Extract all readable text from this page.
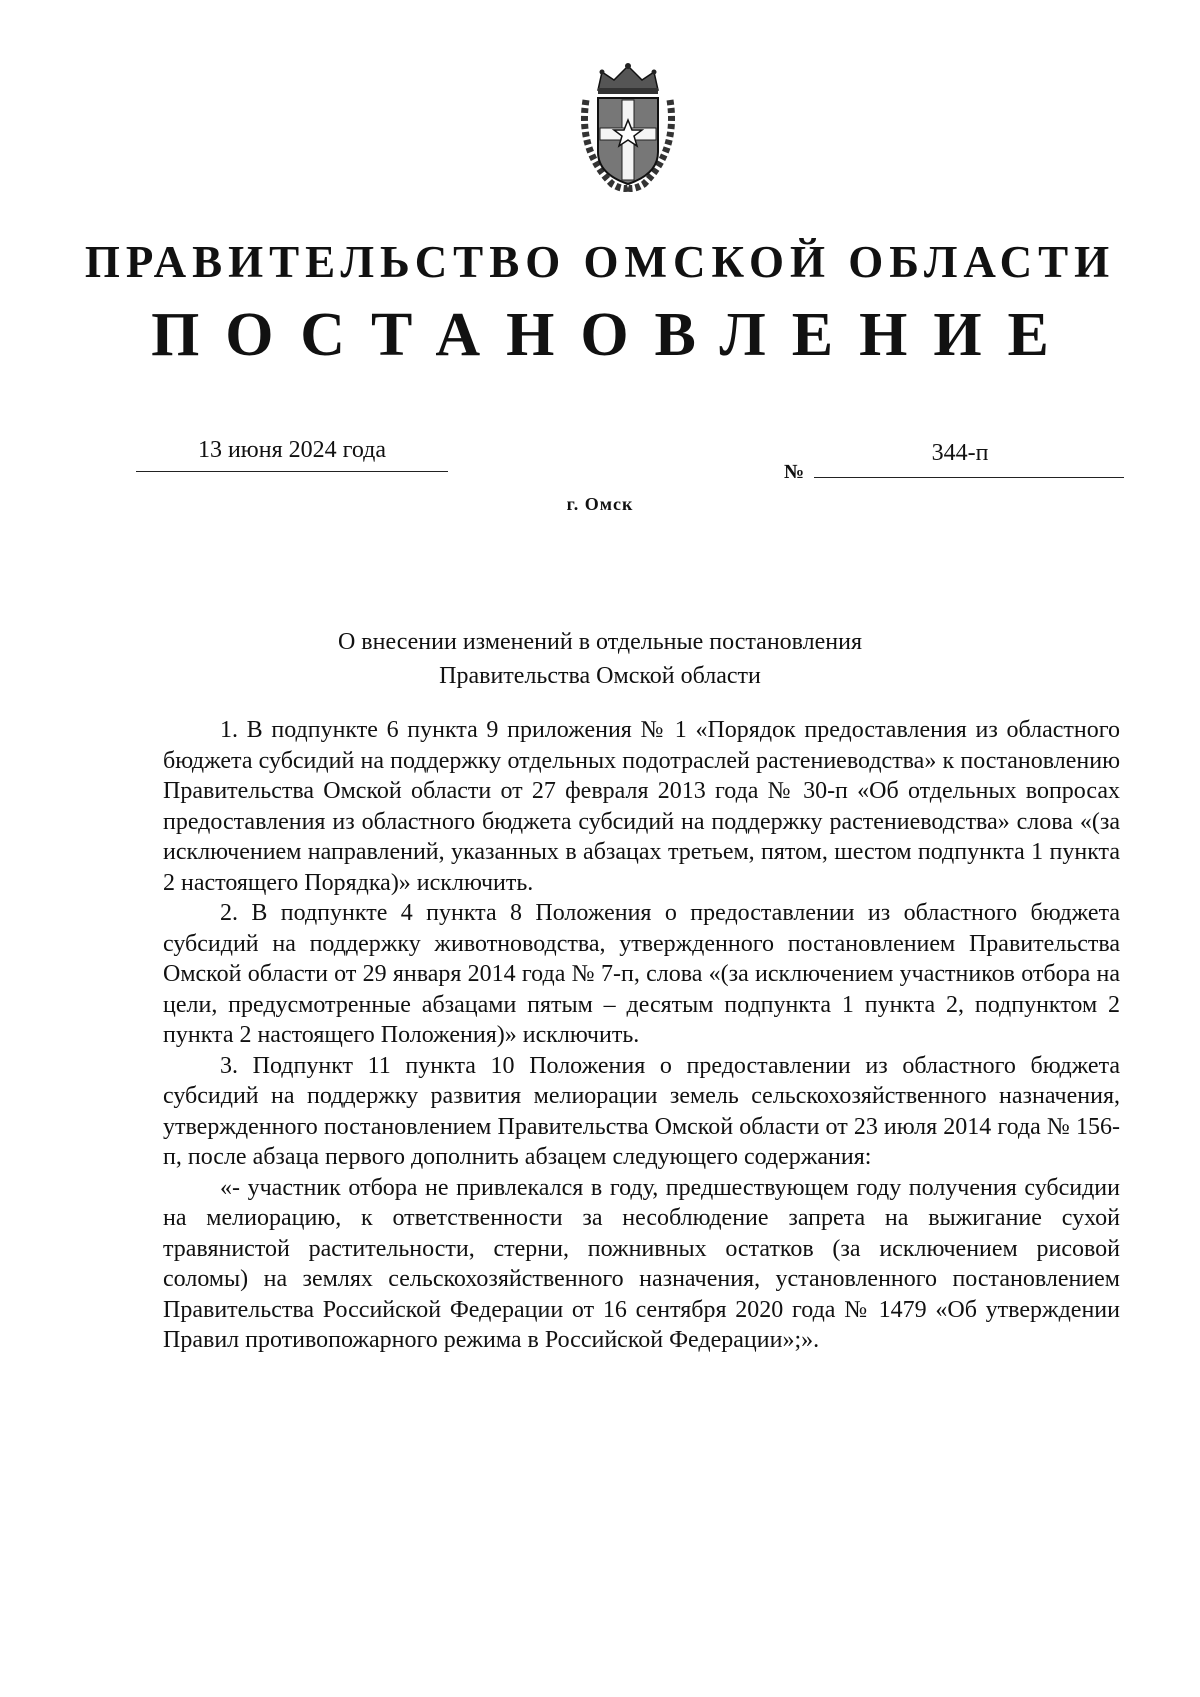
ПРАВИТЕЛЬСТВО ОМСКОЙ ОБЛАСТИ
ПОСТАНОВЛЕНИЕ
13 июня 2024 года
№
344-п
г. Омск
О внесении изменений в отдельные постановления
Правительства Омской области

1. В подпункте 6 пункта 9 приложения № 1 «Порядок предоставления из областного бюджета субсидий на поддержку отдельных подотраслей растениеводства» к постановлению Правительства Омской области от 27 февраля 2013 года № 30-п «Об отдельных вопросах предоставления из областного бюджета субсидий на поддержку растениеводства» слова «(за исключением направлений, указанных в абзацах третьем, пятом, шестом подпункта 1 пункта 2 настоящего Порядка)» исключить.

2. В подпункте 4 пункта 8 Положения о предоставлении из областного бюджета субсидий на поддержку животноводства, утвержденного постановлением Правительства Омской области от 29 января 2014 года № 7-п, слова «(за исключением участников отбора на цели, предусмотренные абзацами пятым – десятым подпункта 1 пункта 2, подпунктом 2 пункта 2 настоящего Положения)» исключить.

3. Подпункт 11 пункта 10 Положения о предоставлении из областного бюджета субсидий на поддержку развития мелиорации земель сельскохозяйственного назначения, утвержденного постановлением Правительства Омской области от 23 июля 2014 года № 156-п, после абзаца первого дополнить абзацем следующего содержания:

«- участник отбора не привлекался в году, предшествующем году получения субсидии на мелиорацию, к ответственности за несоблюдение запрета на выжигание сухой травянистой растительности, стерни, пожнивных остатков (за исключением рисовой соломы) на землях сельскохозяйственного назначения, установленного постановлением Правительства Российской Федерации от 16 сентября 2020 года № 1479 «Об утверждении Правил противопожарного режима в Российской Федерации»;».
